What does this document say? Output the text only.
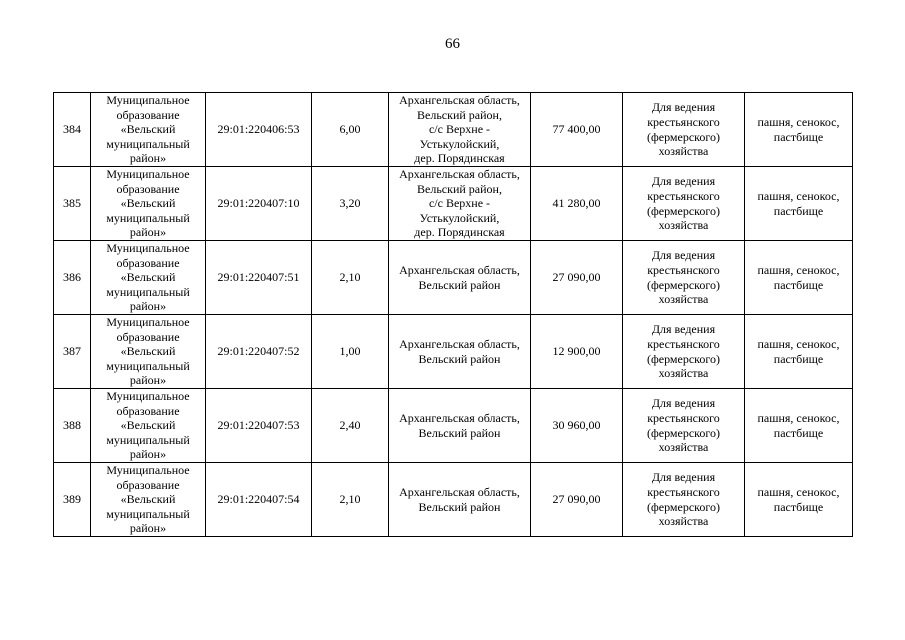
66
384	Муниципальное
образование
«Вельский
муниципальный
район»	29:01:220406:53	6,00	Архангельская область,
Вельский район,
с/с Верхне -
Устькулойский,
дер. Порядинская	77 400,00	Для ведения
крестьянского
(фермерского)
хозяйства	пашня, сенокос,
пастбище

385	Муниципальное
образование
«Вельский
муниципальный
район»	29:01:220407:10	3,20	Архангельская область,
Вельский район,
с/с Верхне -
Устькулойский,
дер. Порядинская	41 280,00	Для ведения
крестьянского
(фермерского)
хозяйства	пашня, сенокос,
пастбище

386	Муниципальное
образование
«Вельский
муниципальный
район»	29:01:220407:51	2,10	Архангельская область,
Вельский район	27 090,00	Для ведения
крестьянского
(фермерского)
хозяйства	пашня, сенокос,
пастбище

387	Муниципальное
образование
«Вельский
муниципальный
район»	29:01:220407:52	1,00	Архангельская область,
Вельский район	12 900,00	Для ведения
крестьянского
(фермерского)
хозяйства	пашня, сенокос,
пастбище

388	Муниципальное
образование
«Вельский
муниципальный
район»	29:01:220407:53	2,40	Архангельская область,
Вельский район	30 960,00	Для ведения
крестьянского
(фермерского)
хозяйства	пашня, сенокос,
пастбище

389	Муниципальное
образование
«Вельский
муниципальный
район»	29:01:220407:54	2,10	Архангельская область,
Вельский район	27 090,00	Для ведения
крестьянского
(фермерского)
хозяйства	пашня, сенокос,
пастбище
